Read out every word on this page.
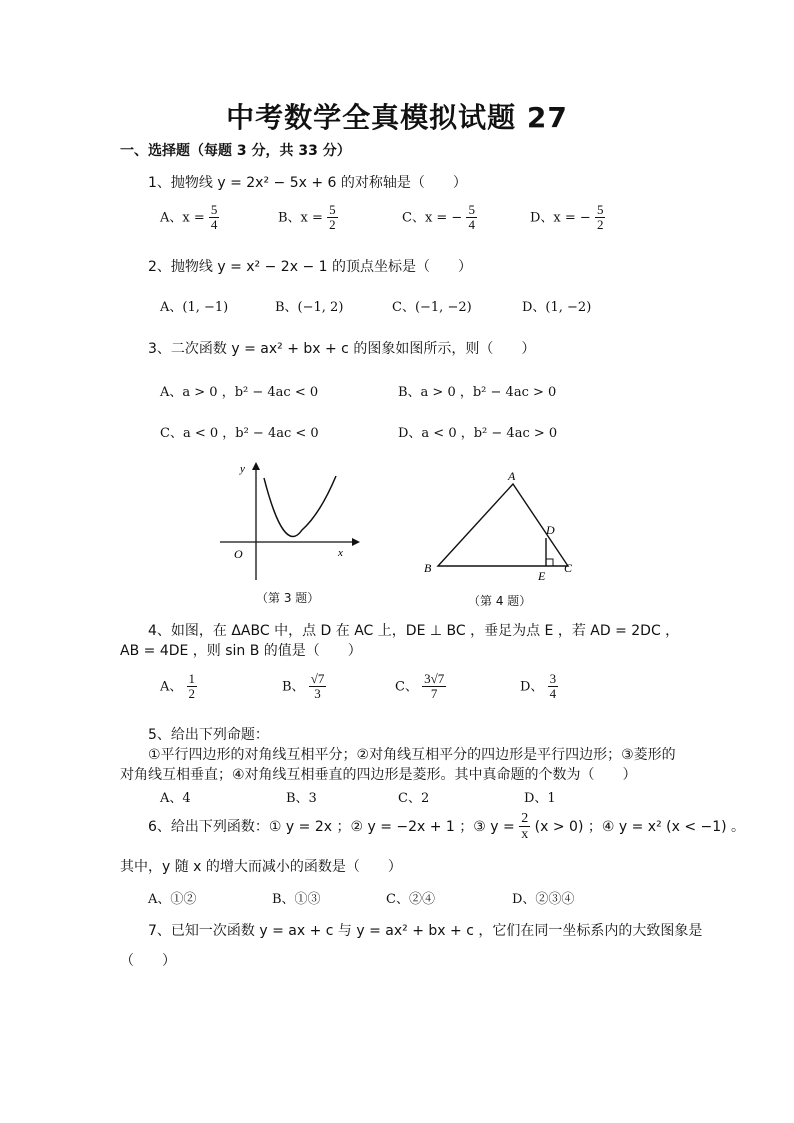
中考数学全真模拟试题 27
一、选择题（每题 3 分，共 33 分）
1、抛物线 y = 2x² − 5x + 6 的对称轴是（　　）
A、$x = \frac{5}{4}$	B、$x = \frac{5}{2}$	C、x = − $\frac{5}{4}$	D、x = − $\frac{5}{2}$
2、抛物线 y = x² − 2x − 1 的顶点坐标是（　　）
A、(1, −1)	B、(−1, 2)	C、(−1, −2)	D、(1, −2)
3、二次函数 y = ax² + bx + c 的图象如图所示，则（　　）
A、a > 0 ，b² − 4ac < 0	B、a > 0 ，b² − 4ac > 0
C、a < 0 ，b² − 4ac < 0	D、a < 0 ，b² − 4ac > 0
y
x
O
（第 3 题）
A
B	C
D
E
（第 4 题）
4、如图，在 ΔABC 中，点 D 在 AC 上，DE ⊥ BC ，垂足为点 E ，若 AD = 2DC ，
AB = 4DE ，则 sin B 的值是（　　）
A、 $\frac{1}{2}$	B、 $\frac{√7}{3}$	C、 $\frac{3√7}{7}$	D、 $\frac{3}{4}$
5、给出下列命题：
①平行四边形的对角线互相平分；②对角线互相平分的四边形是平行四边形；③菱形的
对角线互相垂直；④对角线互相垂直的四边形是菱形。其中真命题的个数为（　　）
A、4	B、3	C、2	D、1
6、给出下列函数：① y = 2x ；② y = −2x + 1 ；③ $y = \frac{2}{x} (x > 0)$ ；④ y = x² (x < −1) 。
其中，y 随 x 的增大而减小的函数是（　　）
A、①②	B、①③	C、②④	D、②③④
7、已知一次函数 y = ax + c 与 y = ax² + bx + c ，它们在同一坐标系内的大致图象是
（　　）
